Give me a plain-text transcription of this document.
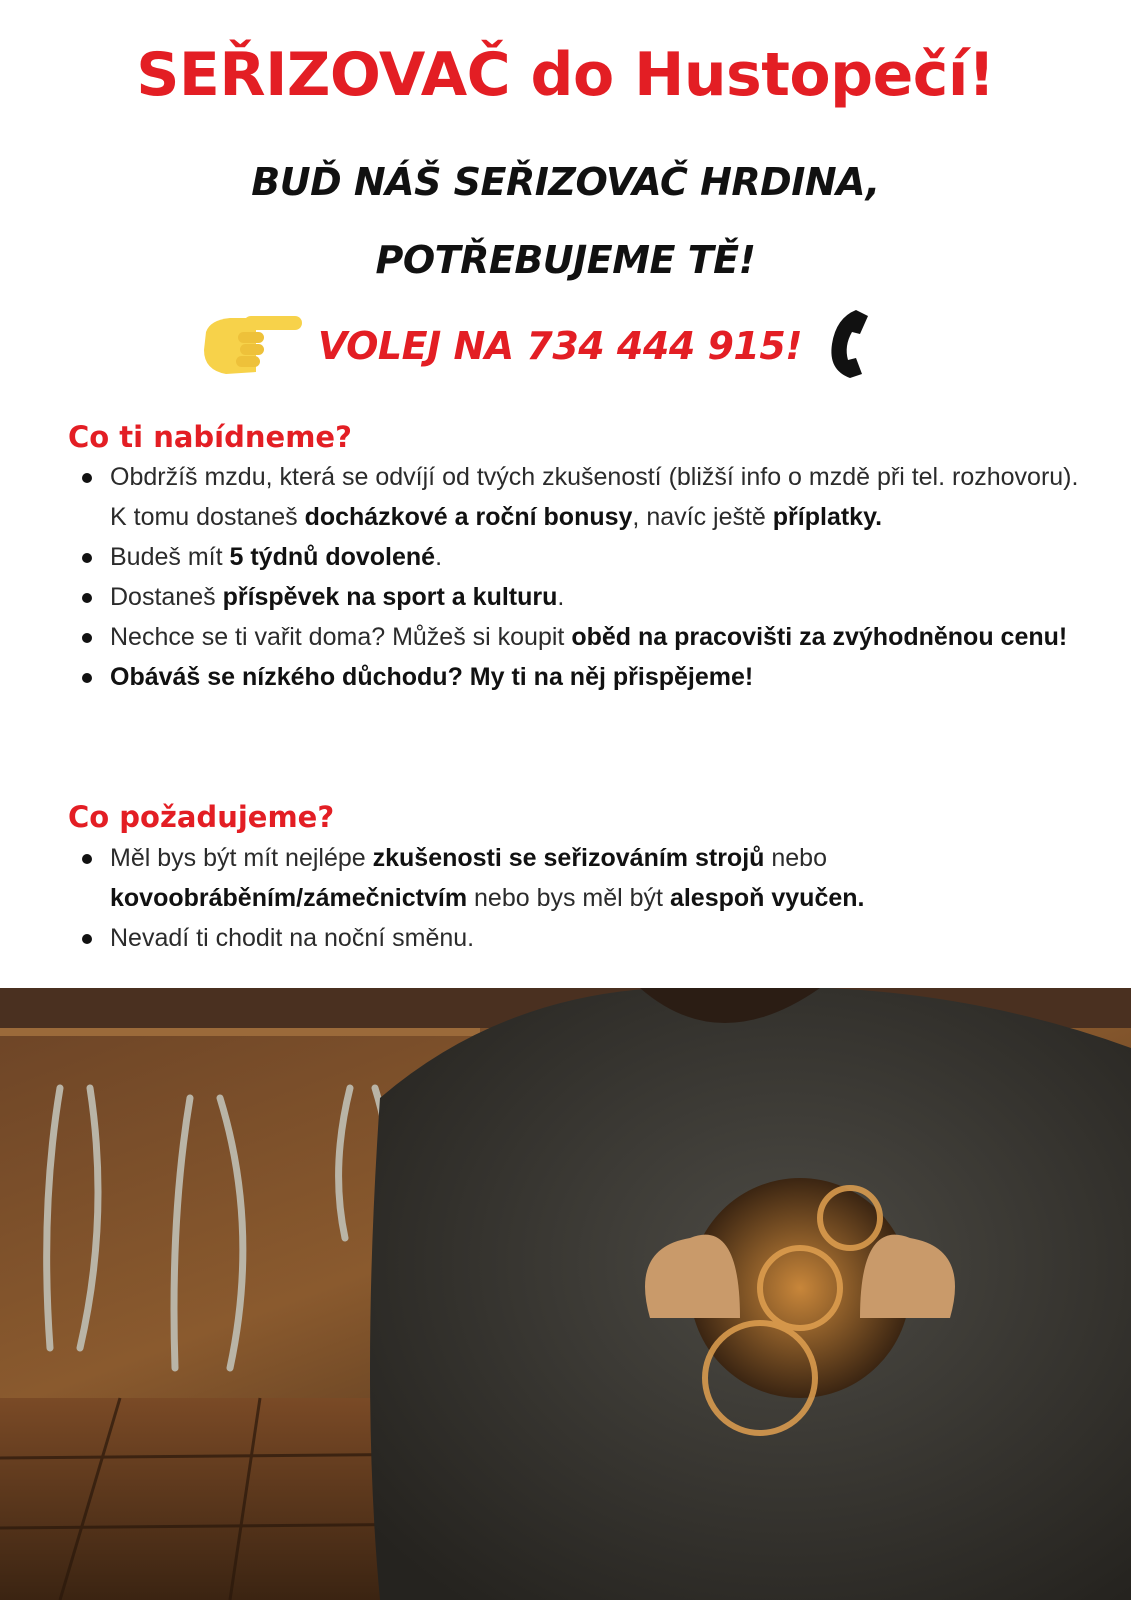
SEŘIZOVAČ do Hustopečí!
BUĎ NÁŠ SEŘIZOVAČ HRDINA,
POTŘEBUJEME TĚ!
VOLEJ NA 734 444 915!
Co ti nabídneme?
Obdržíš mzdu, která se odvíjí od tvých zkušeností (bližší info o mzdě při tel. rozhovoru). K tomu dostaneš docházkové a roční bonusy, navíc ještě příplatky.
Budeš mít 5 týdnů dovolené.
Dostaneš příspěvek na sport a kulturu.
Nechce se ti vařit doma? Můžeš si koupit oběd na pracovišti za zvýhodněnou cenu!
Obáváš se nízkého důchodu? My ti na něj přispějeme!
Co požadujeme?
Měl bys být mít nejlépe zkušenosti se seřizováním strojů nebo kovoobráběním/zámečnictvím nebo bys měl být alespoň vyučen.
Nevadí ti chodit na noční směnu.
